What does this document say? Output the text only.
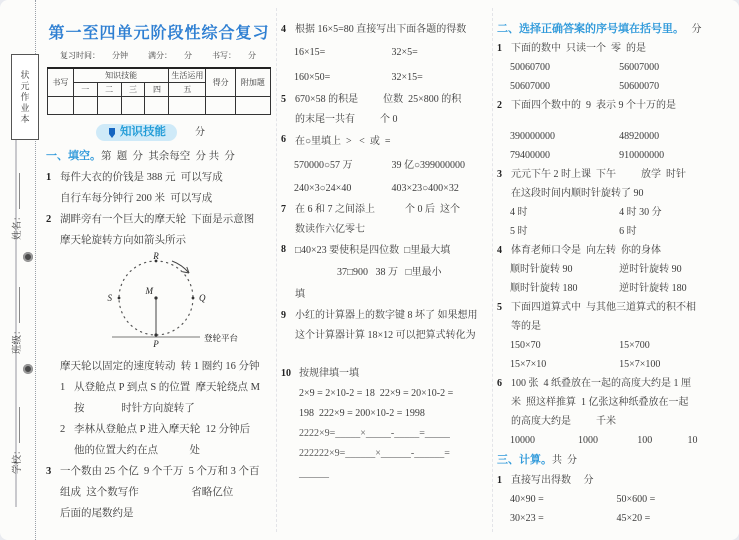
状元作业本
姓名：
班级：
学校：
第一至四单元阶段性综合复习
复习时间：      分钟          满分：      分          书写：      分
书写	知识技能				生活运用	得分	附加题
	一	二	三	四	五		

知识技能	分
一、填空。第  题  分  其余每空  分 共  分
1 每件大衣的价钱是 388 元  可以写成
自行车每分钟行 200 米  可以写成
2 湖畔旁有一个巨大的摩天轮  下面是示意图
摩天轮旋转方向如箭头所示
R
S	Q
M
P
登轮平台
摩天轮以固定的速度转动  转 1 圈约 16 分钟
1 从登舱点 P 到点 S 的位置  摩天轮绕点 M
按              时针方向旋转了
2 李林从登舱点 P 进入摩天轮  12 分钟后
他的位置大约在点            处
3 一个数由 25 个亿  9 个千万  5 个万和 3 个百
组成  这个数写作                    省略亿位
后面的尾数约是
4 根据 16×5=80 直接写出下面各题的得数
16×15=	32×5=
160×50=	32×15=
5 670×58 的积是          位数  25×800 的积
的末尾一共有          个 0
6 在○里填上  >   <  或  =
570000○57 万	39 亿○399000000
240×3○24×40	403×23○400×32
7 在 6 和 7 之间添上            个 0 后  这个
数读作六亿零七
8 □40×23 要使积是四位数  □里最大填
37□900   38 万   □里最小
填
9 小红的计算器上的数字键 8 坏了 如果想用
这个计算器计算 18×12 可以把算式转化为
10 按规律填一填
2×9 = 2×10-2 = 18  22×9 = 20×10-2 =
198  222×9 = 200×10-2 = 1998
2222×9=_____×_____-_____=_____
222222×9=______×______-______=
______
二、选择正确答案的序号填在括号里。 分
1 下面的数中  只读一个  零  的是
50060700	56007000
50607000	50600070
2 下面四个数中的  9  表示 9 个十万的是
390000000	48920000
79400000	910000000
3 元元下午 2 时上课  下午          放学  时针
在这段时间内顺时针旋转了 90
4 时	4 时 30 分
5 时	6 时
4 体育老师口令是  向左转  你的身体
顺时针旋转 90	逆时针旋转 90
顺时针旋转 180	逆时针旋转 180
5 下面四道算式中  与其他三道算式的积不相
等的是
150×70	15×700
15×7×10	15×7×100
6 100 张  4 纸叠放在一起的高度大约是 1 厘
米  照这样推算  1 亿张这种纸叠放在一起
的高度大约是          千米
10000	1000	100	10
三、计算。共  分
1 直接写出得数     分
40×90 =	50×600 =
30×23 =	45×20 =
